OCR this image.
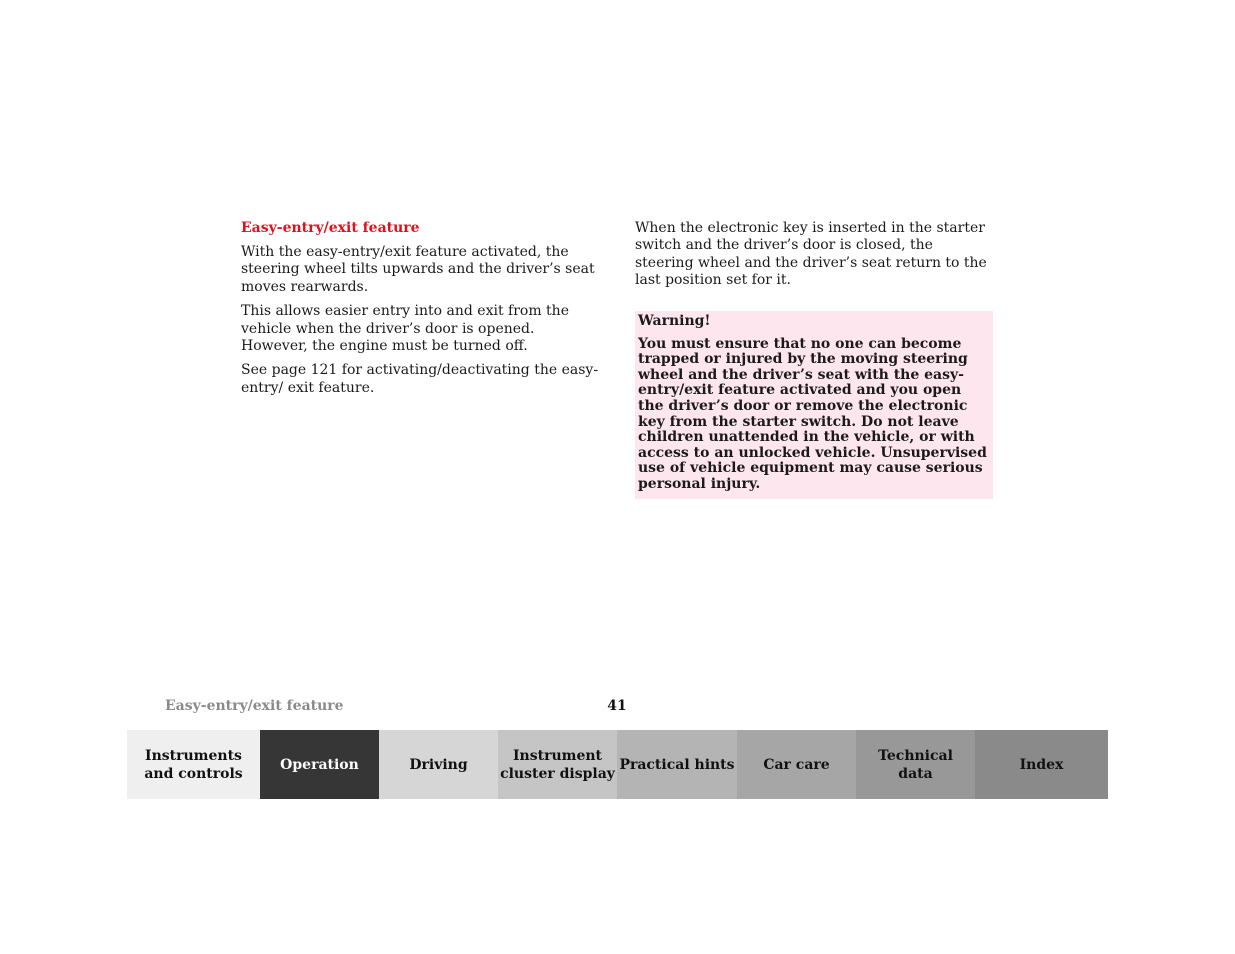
Easy-entry/exit feature

With the easy-entry/exit feature activated, the steering wheel tilts upwards and the driver’s seat moves rearwards.

This allows easier entry into and exit from the vehicle when the driver’s door is opened. However, the engine must be turned off.

See page 121 for activating/deactivating the easy-entry/ exit feature.

When the electronic key is inserted in the starter switch and the driver’s door is closed, the steering wheel and the driver’s seat return to the last position set for it.

Warning!

You must ensure that no one can become trapped or injured by the moving steering wheel and the driver’s seat with the easy-entry/exit feature activated and you open the driver’s door or remove the electronic key from the starter switch. Do not leave children unattended in the vehicle, or with access to an unlocked vehicle. Unsupervised use of vehicle equipment may cause serious personal injury.

Easy-entry/exit feature	41
Instruments
and controls
Operation	Driving
Instrument
cluster display
Practical hints Car care
Technical
data
Index
